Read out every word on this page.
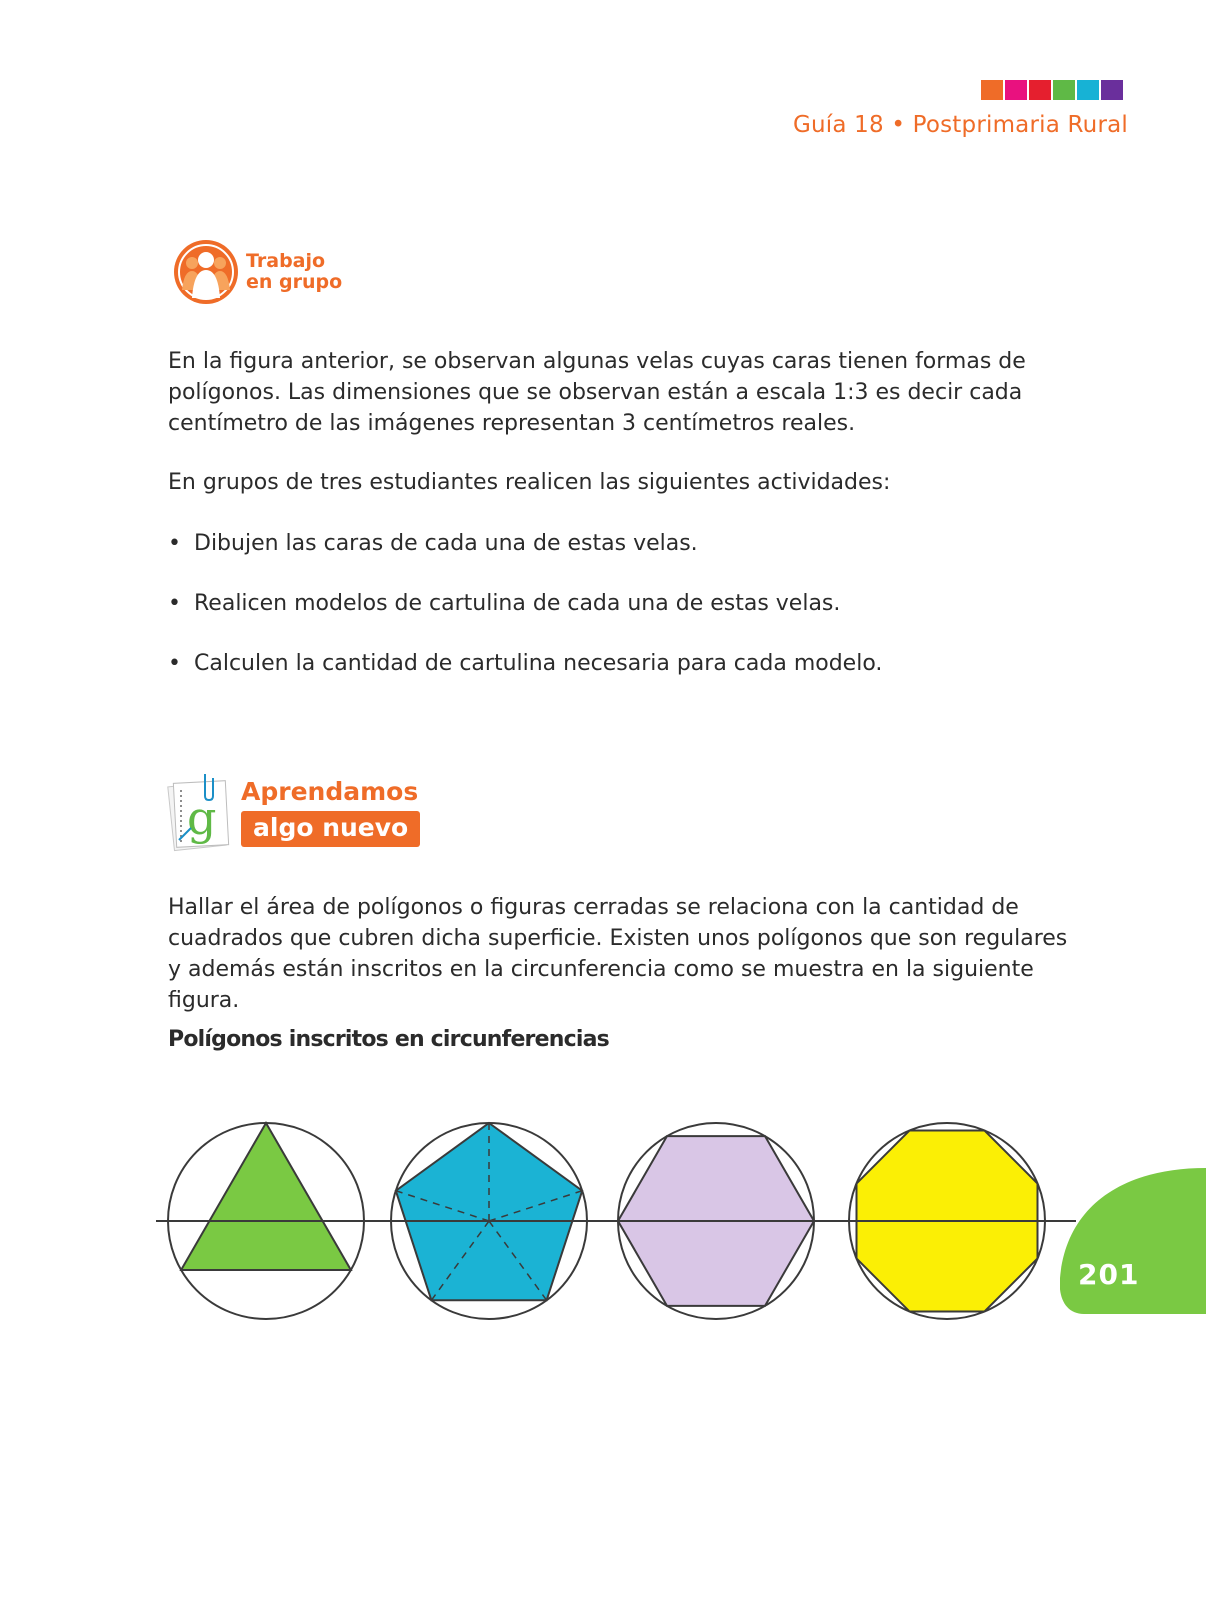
Guía 18 • Postprimaria Rural
Trabajo
en grupo
En la figura anterior, se observan algunas velas cuyas caras tienen formas de polígonos. Las dimensiones que se observan están a escala 1:3 es decir cada centímetro de las imágenes representan 3 centímetros reales.
En grupos de tres estudiantes realicen las siguientes actividades:
• Dibujen las caras de cada una de estas velas.
• Realicen modelos de cartulina de cada una de estas velas.
• Calculen la cantidad de cartulina necesaria para cada modelo.
g Aprendamos
algo nuevo
Hallar el área de polígonos o figuras cerradas se relaciona con la cantidad de cuadrados que cubren dicha superficie. Existen unos polígonos que son regulares y además están inscritos en la circunferencia como se muestra en la siguiente figura.
Polígonos inscritos en circunferencias
201
